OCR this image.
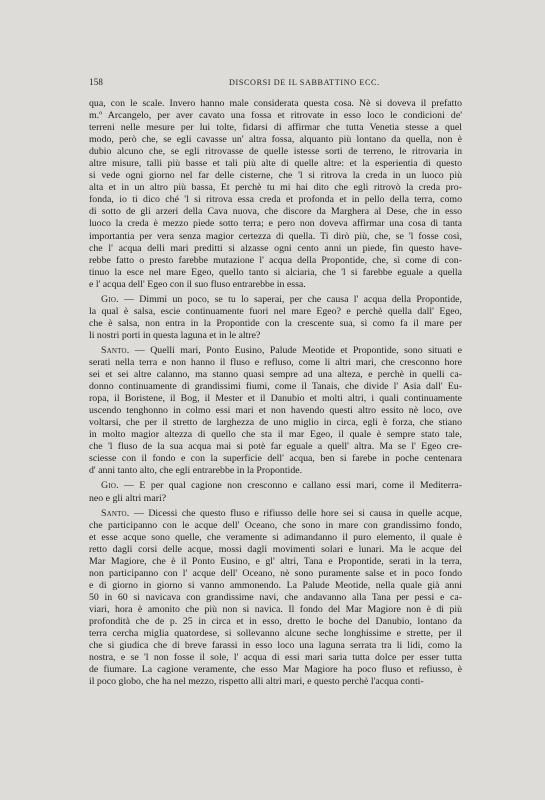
158	DISCORSI DE IL SABBATTINO ECC.
qua, con le scale. Invero hanno male considerata questa cosa. Nè si doveva il prefatto
m.º Arcangelo, per aver cavato una fossa et ritrovate in esso loco le condicioni de'
terreni nelle mesure per lui tolte, fidarsi di affirmar che tutta Venetia stesse a quel
modo, però che, se egli cavasse un' altra fossa, alquanto più lontano da quella, non è
dubio alcuno che, se egli ritrovasse de quelle istesse sorti de terreno, le ritrovaria in
altre misure, talli più basse et tali più alte di quelle altre: et la esperientia di questo
si vede ogni giorno nel far delle cisterne, che 'l si ritrova la creda in un luoco più
alta et in un altro più bassa, Et perchè tu mi hai dito che egli ritrovò la creda pro-
fonda, io ti dico ché 'l si ritrova essa creda et profonda et in pello della terra, como
di sotto de gli arzeri della Cava nuova, che discore da Marghera al Dese, che in esso
luoco la creda è mezzo piede sotto terra; e pero non doveva affirmar una cosa di tanta
importantia per vera senza magior certezza di quella. Ti dirò più, che, se 'l fosse così,
che l' acqua delli mari preditti si alzasse ogni cento anni un piede, fin questo have-
rebbe fatto o presto farebbe mutazione l' acqua della Propontide, che, sì come di con-
tinuo la esce nel mare Egeo, quello tanto si alciaria, che 'l si farebbe eguale a quella
e l' acqua dell' Egeo con il suo fluso entrarebbe in essa.
Gio. — Dimmi un poco, se tu lo saperai, per che causa l' acqua della Propontide,
la qual è salsa, escie continuamente fuori nel mare Egeo? e perchè quella dall' Egeo,
che è salsa, non entra in la Propontide con la crescente sua, sì como fa il mare per
li nostri porti in questa laguna et in le altre?
Santo. — Quelli mari, Ponto Eusino, Palude Meotide et Propontide, sono situati e
serati nella terra e non hanno il fluso e refluso, come li altri mari, che cresconno hore
sei et sei altre calanno, ma stanno quasi sempre ad una alteza, e perchè in quelli ca-
donno continuamente di grandissimi fiumi, come il Tanais, che divide l' Asia dall' Eu-
ropa, il Boristene, il Bog, il Mester et il Danubio et molti altri, i quali continuamente
uscendo tenghonno in colmo essi mari et non havendo questi altro essito nè loco, ove
voltarsi, che per il stretto de larghezza de uno miglio in circa, egli è forza, che stiano
in molto magior altezza di quello che sta il mar Egeo, il quale è sempre stato tale,
che 'l fluso de la sua acqua mai si potè far eguale a quell' altra. Ma se l' Egeo cre-
sciesse con il fondo e con la superficie dell' acqua, ben si farebe in poche centenara
d' anni tanto alto, che egli entrarebbe in la Propontide.
Gio. — E per qual cagione non cresconno e callano essi mari, come il Mediterra-
neo e gli altri mari?
Santo. — Dicessi che questo fluso e rifiusso delle hore sei si causa in quelle acque,
che participanno con le acque dell' Oceano, che sono in mare con grandissimo fondo,
et esse acque sono quelle, che veramente si adimandanno il puro elemento, il quale è
retto dagli corsi delle acque, mossi dagli movimenti solari e lunari. Ma le acque del
Mar Magiore, che è il Ponto Eusino, e gl' altri, Tana e Propontide, serati in la terra,
non participanno con l' acque dell' Oceano, nè sono puramente salse et in poco fondo
e di giorno in giorno si vanno ammonendo. La Palude Meotide, nella quale già anni
50 in 60 si navicava con grandissime navi, che andavanno alla Tana per pessi e ca-
viari, hora è amonito che più non si navica. Il fondo del Mar Magiore non è di più
profondità che de p. 25 in circa et in esso, dretto le boche del Danubio, lontano da
terra cercha miglia quatordese, si sollevanno alcune seche longhissime e strette, per il
che si giudica che di breve farassi in esso loco una laguna serrata tra li lidi, como la
nostra, e se 'l non fosse il sole, l' acqua di essi mari saria tutta dolce per esser tutta
de fiumare. La cagione veramente, che esso Mar Magiore ha poco fluso et refiusso, è
il poco globo, che ha nel mezzo, rispetto alli altri mari, e questo perchè l'acqua conti-
